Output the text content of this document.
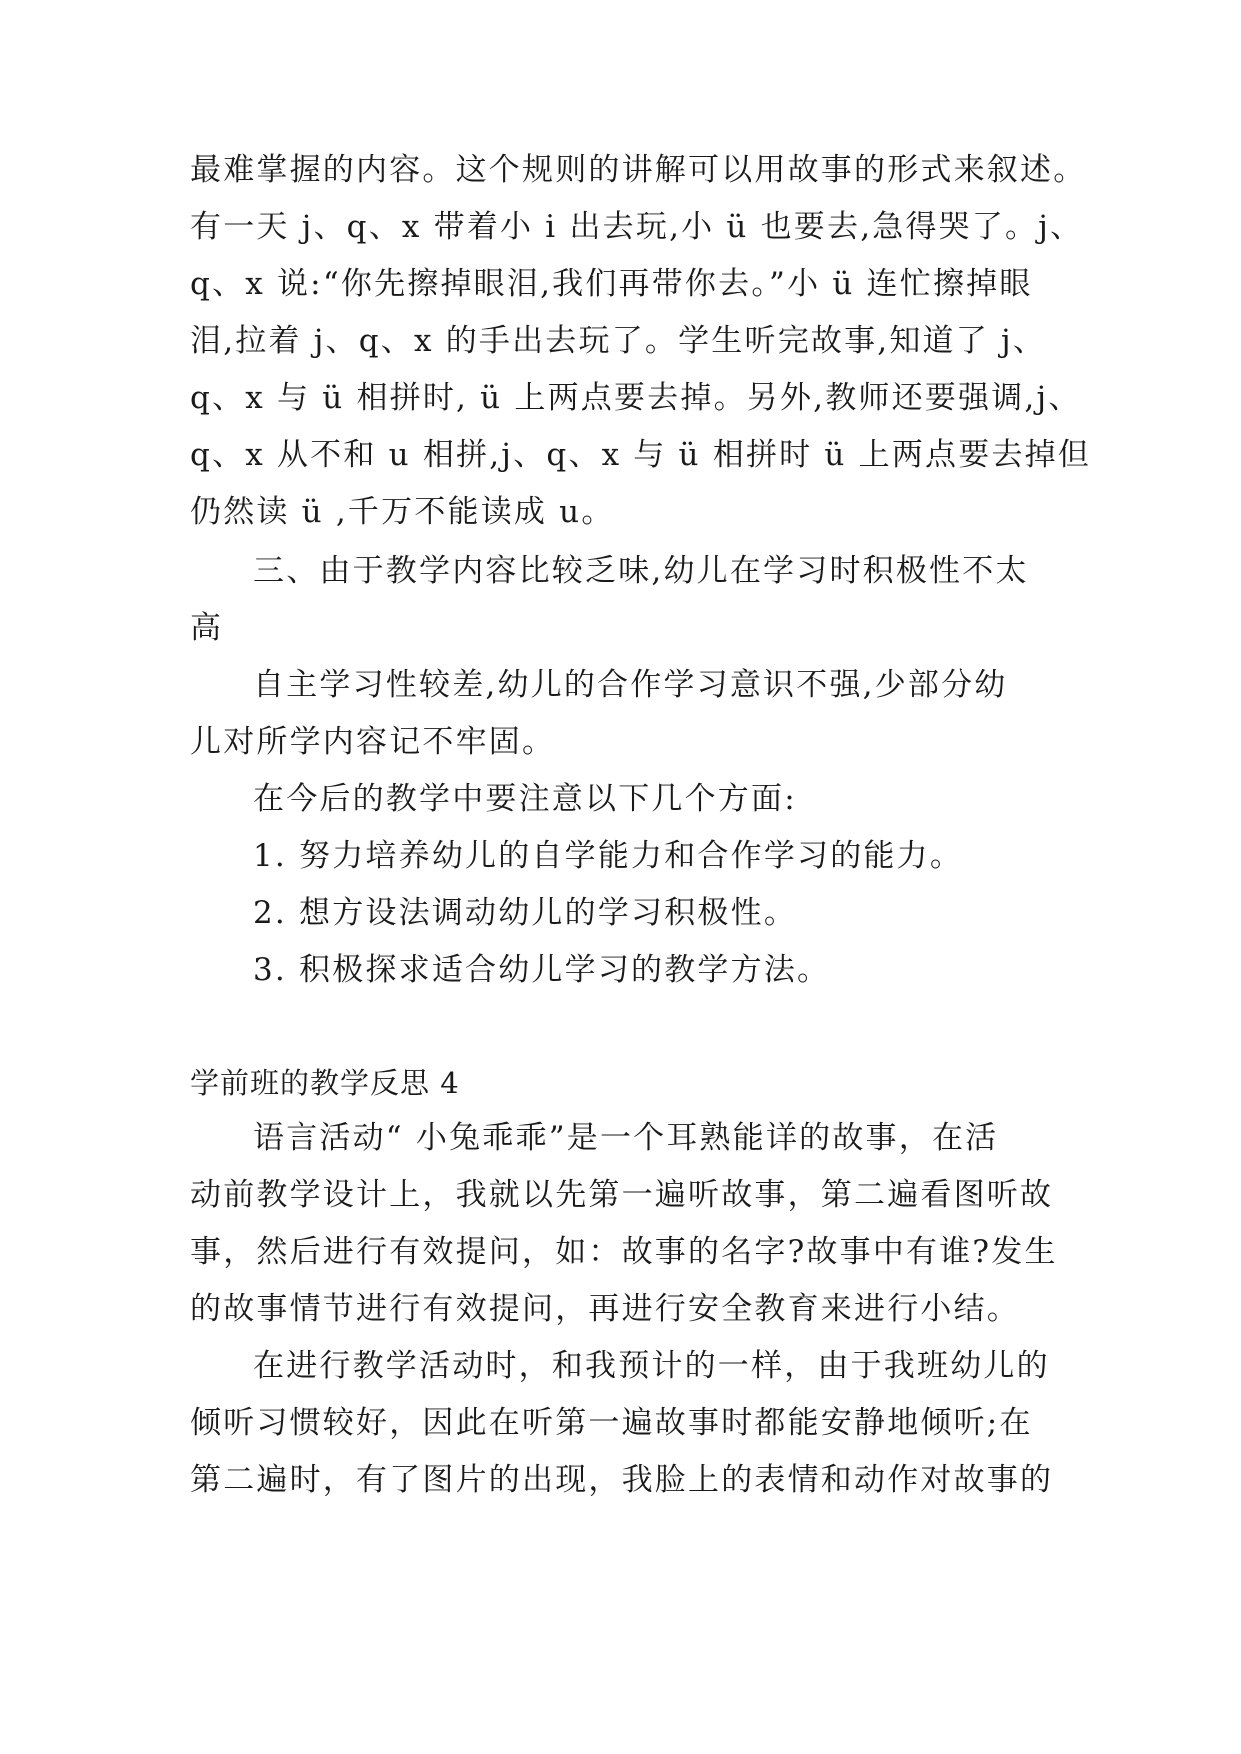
最难掌握的内容。这个规则的讲解可以用故事的形式来叙述。
有一天 j、q、x 带着小 i 出去玩,小 ü 也要去,急得哭了。j、
q、x 说:“你先擦掉眼泪,我们再带你去。”小 ü 连忙擦掉眼
泪,拉着 j、q、x 的手出去玩了。学生听完故事,知道了 j、
q、x 与 ü 相拼时, ü 上两点要去掉。另外,教师还要强调,j、
q、x 从不和 u 相拼,j、q、x 与 ü 相拼时 ü 上两点要去掉但
仍然读 ü ,千万不能读成 u。
三、由于教学内容比较乏味,幼儿在学习时积极性不太
高
自主学习性较差,幼儿的合作学习意识不强,少部分幼
儿对所学内容记不牢固。
在今后的教学中要注意以下几个方面:
1. 努力培养幼儿的自学能力和合作学习的能力。
2. 想方设法调动幼儿的学习积极性。
3. 积极探求适合幼儿学习的教学方法。
学前班的教学反思 4
语言活动“ 小兔乖乖”是一个耳熟能详的故事，在活
动前教学设计上，我就以先第一遍听故事，第二遍看图听故
事，然后进行有效提问，如：故事的名字?故事中有谁?发生
的故事情节进行有效提问，再进行安全教育来进行小结。
在进行教学活动时，和我预计的一样，由于我班幼儿的
倾听习惯较好，因此在听第一遍故事时都能安静地倾听;在
第二遍时，有了图片的出现，我脸上的表情和动作对故事的
